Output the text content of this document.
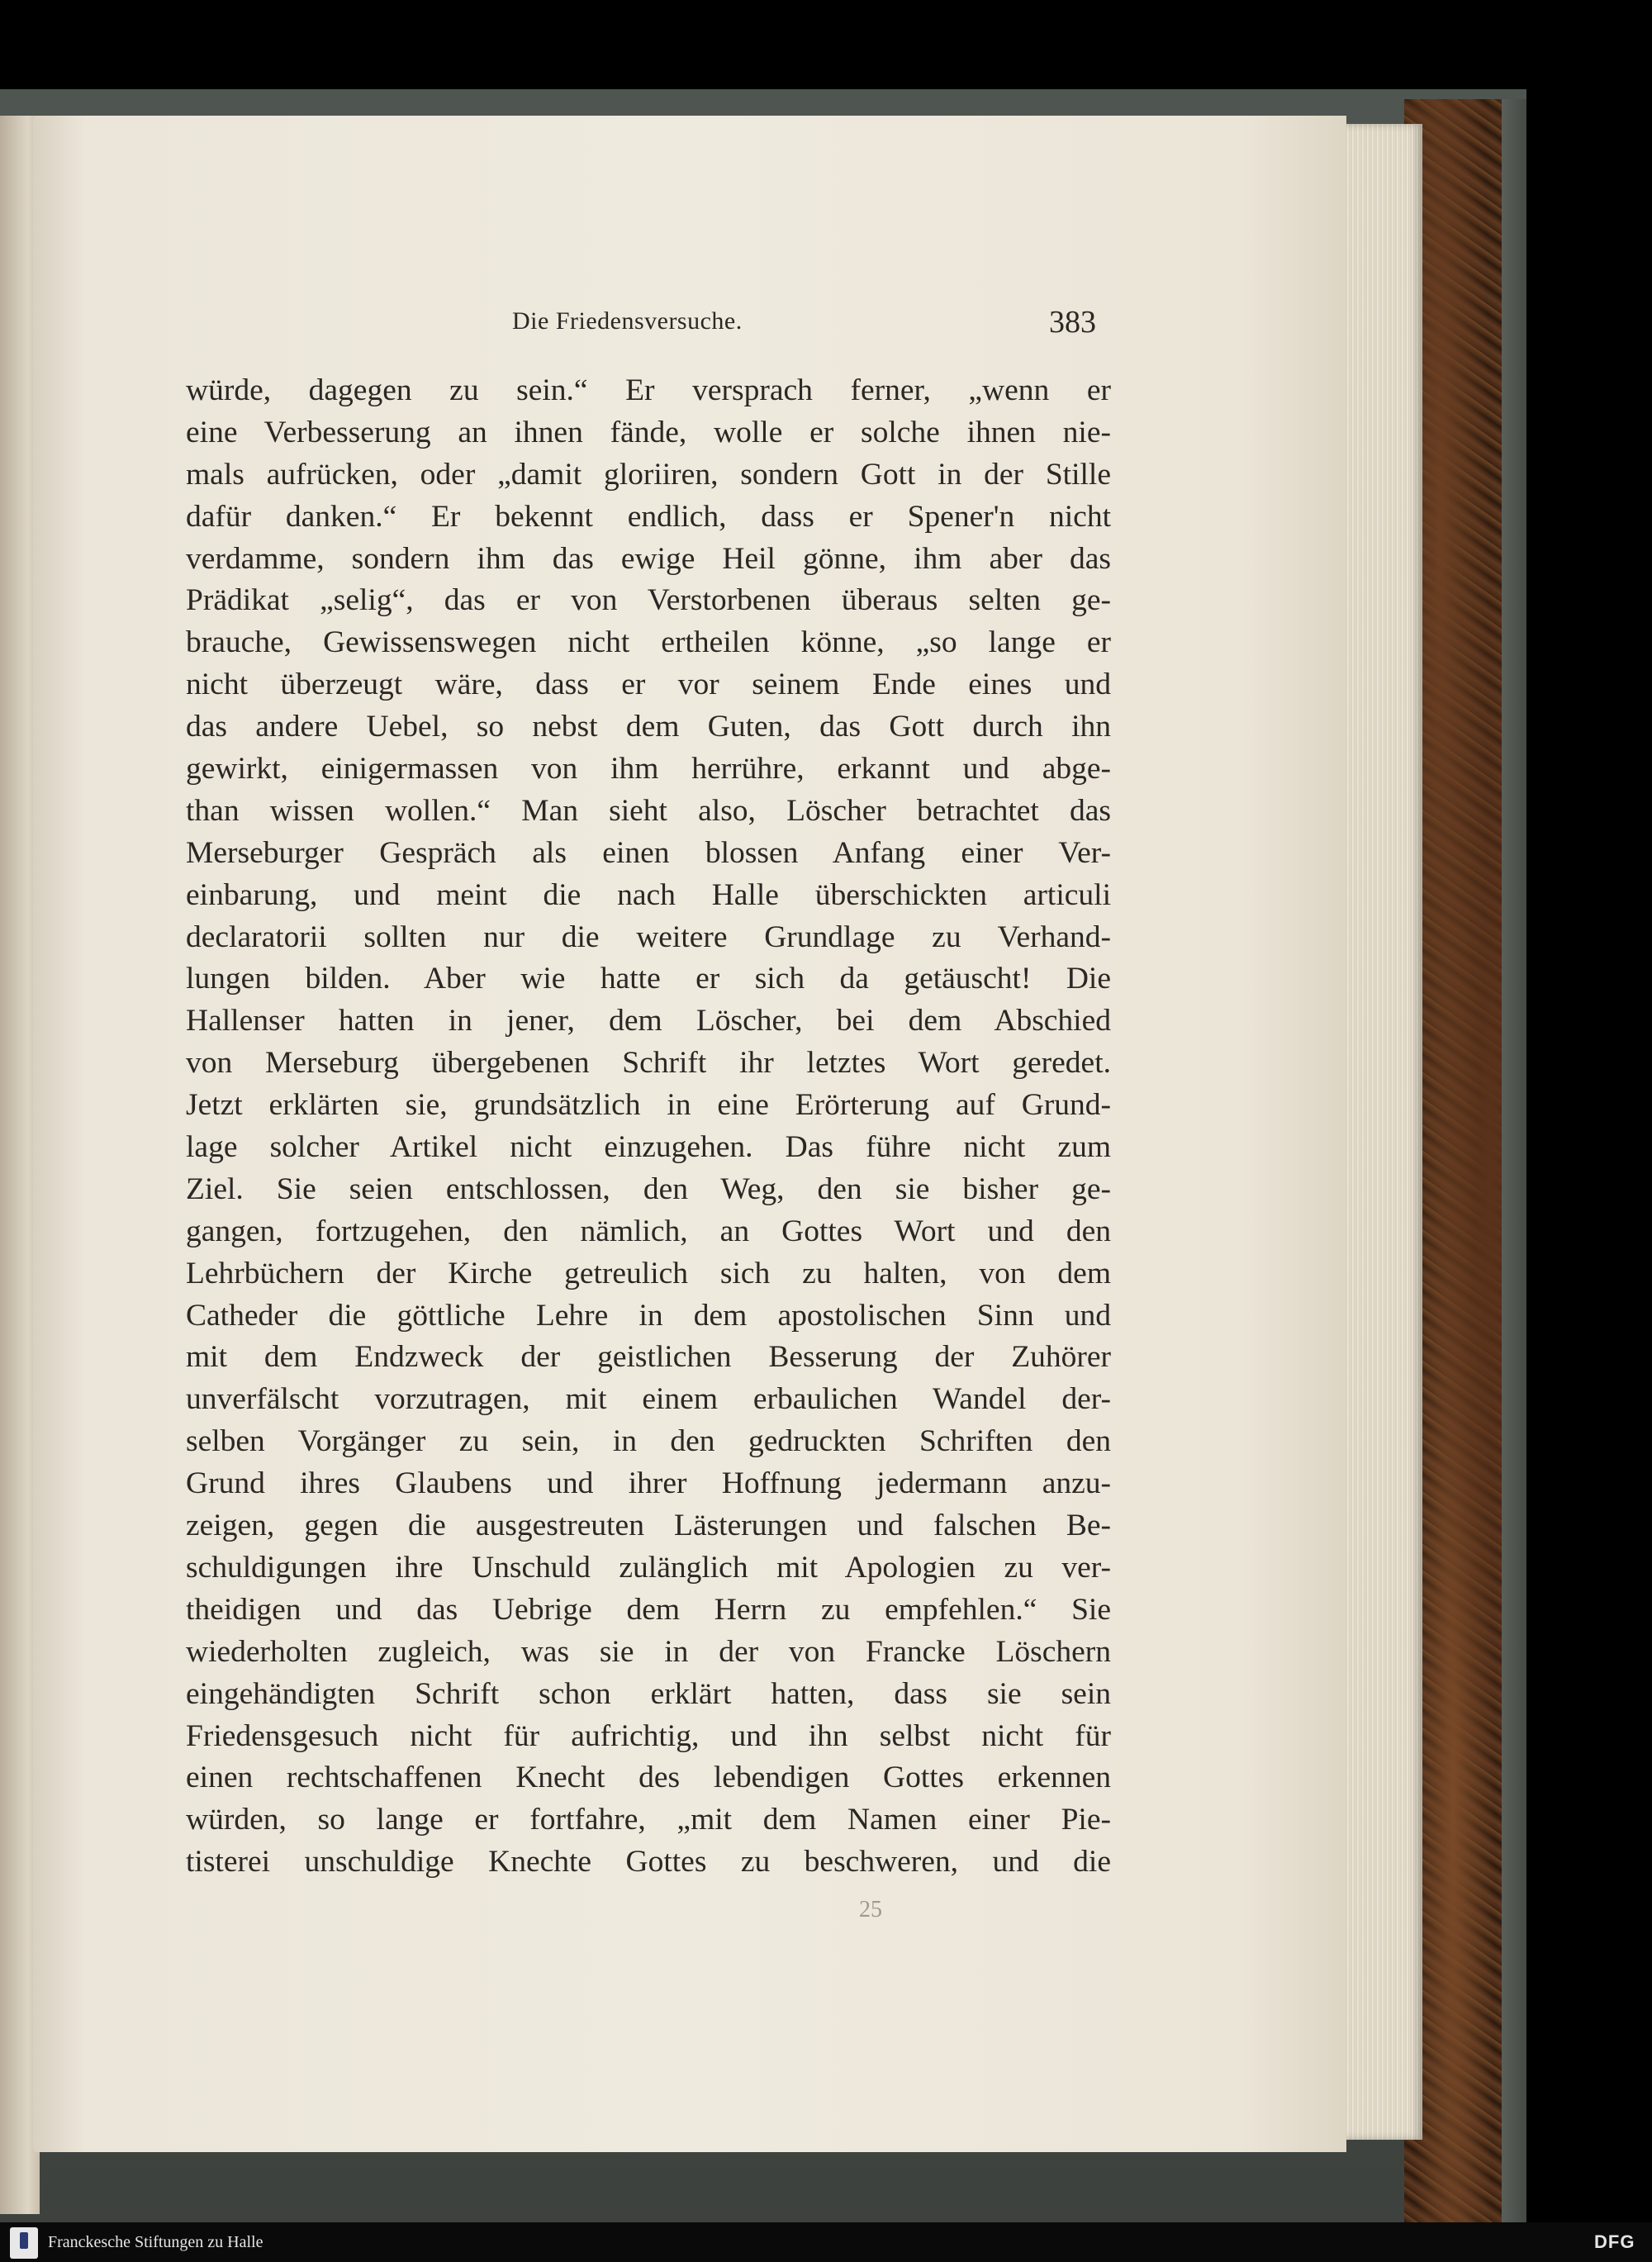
Die Friedensversuche.	383
würde, dagegen zu sein.“ Er versprach ferner, „wenn er
eine Verbesserung an ihnen fände, wolle er solche ihnen nie-
mals aufrücken, oder „damit gloriiren, sondern Gott in der Stille
dafür danken.“ Er bekennt endlich, dass er Spener'n nicht
verdamme, sondern ihm das ewige Heil gönne, ihm aber das
Prädikat „selig“, das er von Verstorbenen überaus selten ge-
brauche, Gewissenswegen nicht ertheilen könne, „so lange er
nicht überzeugt wäre, dass er vor seinem Ende eines und
das andere Uebel, so nebst dem Guten, das Gott durch ihn
gewirkt, einigermassen von ihm herrühre, erkannt und abge-
than wissen wollen.“ Man sieht also, Löscher betrachtet das
Merseburger Gespräch als einen blossen Anfang einer Ver-
einbarung, und meint die nach Halle überschickten articuli
declaratorii sollten nur die weitere Grundlage zu Verhand-
lungen bilden. Aber wie hatte er sich da getäuscht! Die
Hallenser hatten in jener, dem Löscher, bei dem Abschied
von Merseburg übergebenen Schrift ihr letztes Wort geredet.
Jetzt erklärten sie, grundsätzlich in eine Erörterung auf Grund-
lage solcher Artikel nicht einzugehen. Das führe nicht zum
Ziel. Sie seien entschlossen, den Weg, den sie bisher ge-
gangen, fortzugehen, den nämlich, an Gottes Wort und den
Lehrbüchern der Kirche getreulich sich zu halten, von dem
Catheder die göttliche Lehre in dem apostolischen Sinn und
mit dem Endzweck der geistlichen Besserung der Zuhörer
unverfälscht vorzutragen, mit einem erbaulichen Wandel der-
selben Vorgänger zu sein, in den gedruckten Schriften den
Grund ihres Glaubens und ihrer Hoffnung jedermann anzu-
zeigen, gegen die ausgestreuten Lästerungen und falschen Be-
schuldigungen ihre Unschuld zulänglich mit Apologien zu ver-
theidigen und das Uebrige dem Herrn zu empfehlen.“ Sie
wiederholten zugleich, was sie in der von Francke Löschern
eingehändigten Schrift schon erklärt hatten, dass sie sein
Friedensgesuch nicht für aufrichtig, und ihn selbst nicht für
einen rechtschaffenen Knecht des lebendigen Gottes erkennen
würden, so lange er fortfahre, „mit dem Namen einer Pie-
tisterei unschuldige Knechte Gottes zu beschweren, und die
25
Franckesche Stiftungen zu Halle	DFG
